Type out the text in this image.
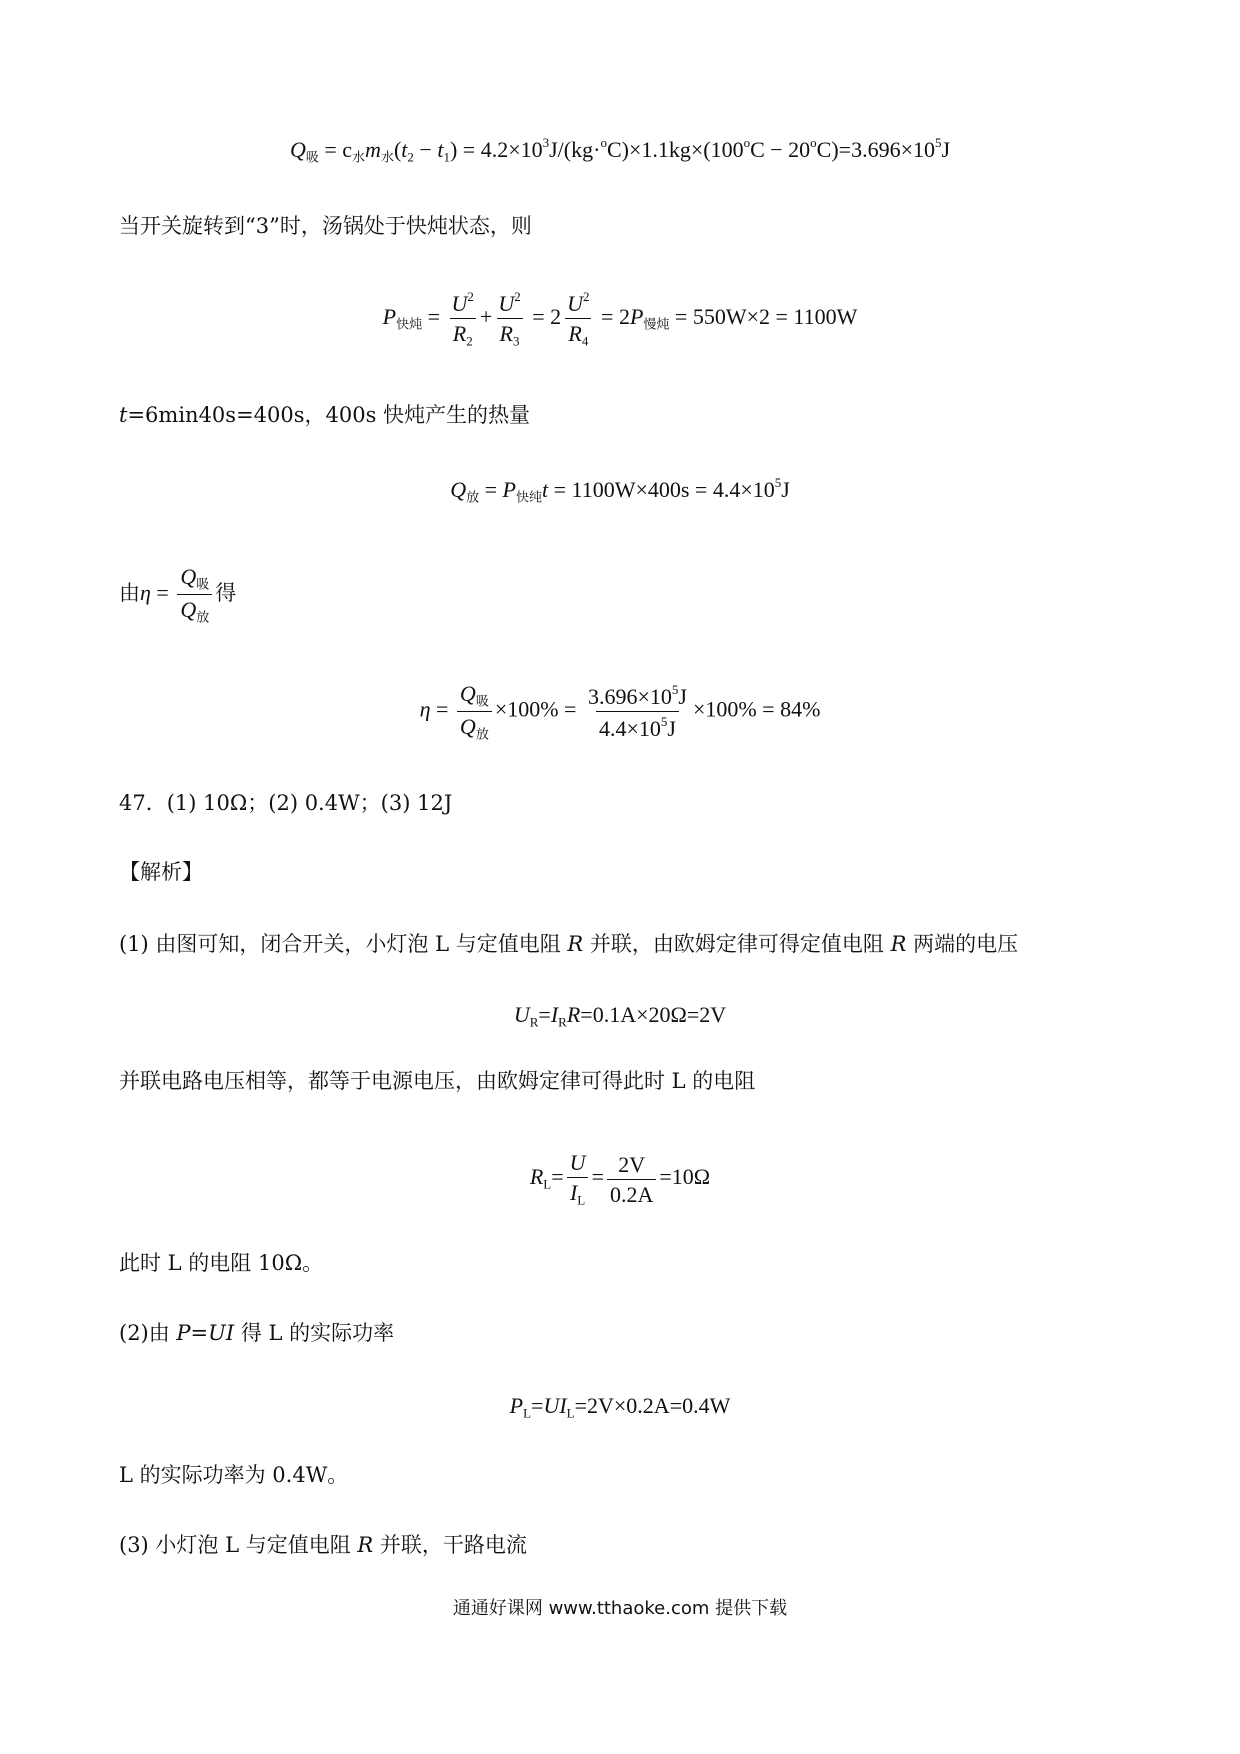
$Q_吸 = c_水m_水(t_2 - t_1) = 4.2\times 10^3J/(kg\cdot^oC)\times 1.1kg\times(100^oC - 20^oC)=3.696\times 10^5J$
当开关旋转到“3”时，汤锅处于快炖状态，则
$P_{快炖} = \frac{U^2}{R_2} + \frac{U^2}{R_3} = 2 \frac{U^2}{R_4} = 2P_{慢炖} = 550W\times 2 = 1100W$
t=6min40s=400s，400s 快炖产生的热量
$Q_放 = P_{快纯}t = 1100W\times 400s = 4.4\times 10^5J$
由$\eta = \frac{Q_吸}{Q_放}$ 得
$\eta = \frac{Q_吸}{Q_放} \times 100\% = \frac{3.696\times 10^5J}{4.4\times 10^5J} \times 100\% = 84\%$
47．(1) 10Ω；(2) 0.4W；(3) 12J
【解析】
(1) 由图可知，闭合开关，小灯泡 L 与定值电阻 R 并联，由欧姆定律可得定值电阻 R 两端的电压
$U_R=I_RR=0.1A\times 20\Omega=2V$
并联电路电压相等，都等于电源电压，由欧姆定律可得此时 L 的电阻
$R_L= \frac{U}{I_L} = \frac{2V}{0.2A} =10\Omega$
此时 L 的电阻 10Ω。
(2)由 P=UI 得 L 的实际功率
$P_L=UI_L=2V\times 0.2A=0.4W$
L 的实际功率为 0.4W。
(3) 小灯泡 L 与定值电阻 R 并联，干路电流
通通好课网 www.tthaoke.com 提供下载
